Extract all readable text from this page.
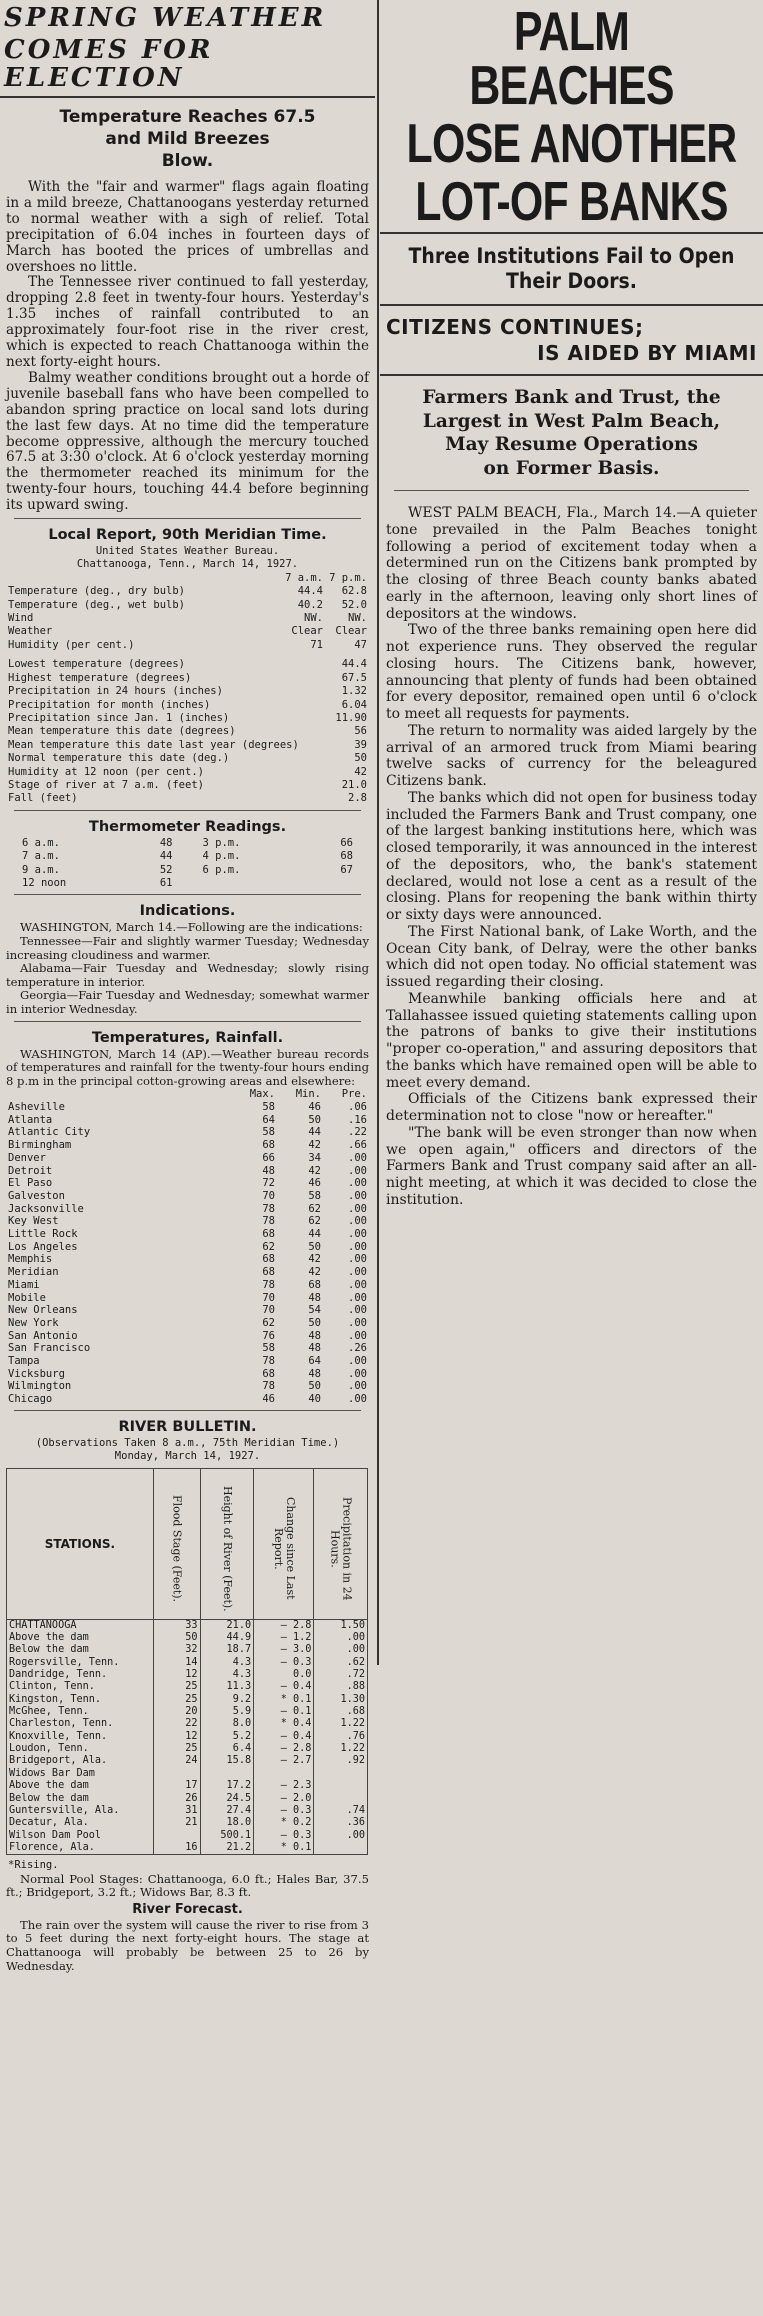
SPRING WEATHER
COMES FOR ELECTION
Temperature Reaches 67.5
and Mild Breezes
Blow.

With the "fair and warmer" flags again floating in a mild breeze, Chattanoogans yesterday returned to normal weather with a sigh of relief. Total precipitation of 6.04 inches in fourteen days of March has booted the prices of umbrellas and overshoes no little.

The Tennessee river continued to fall yesterday, dropping 2.8 feet in twenty-four hours. Yesterday's 1.35 inches of rainfall contributed to an approximately four-foot rise in the river crest, which is expected to reach Chattanooga within the next forty-eight hours.

Balmy weather conditions brought out a horde of juvenile baseball fans who have been compelled to abandon spring practice on local sand lots during the last few days. At no time did the temperature become oppressive, although the mercury touched 67.5 at 3:30 o'clock. At 6 o'clock yesterday morning the thermometer reached its minimum for the twenty-four hours, touching 44.4 before beginning its upward swing.

Local Report, 90th Meridian Time.
United States Weather Bureau.
Chattanooga, Tenn., March 14, 1927.
7 a.m. 7 p.m.
Temperature (deg., dry bulb)	44.4	62.8
Temperature (deg., wet bulb)	40.2	52.0
Wind	NW.	NW.
Weather	Clear	Clear
Humidity (per cent.)	71	47
Lowest temperature (degrees)	44.4
Highest temperature (degrees)	67.5
Precipitation in 24 hours (inches)	1.32
Precipitation for month (inches)	6.04
Precipitation since Jan. 1 (inches)	11.90
Mean temperature this date (degrees)	56
Mean temperature this date last year (degrees)	39
Normal temperature this date (deg.)	50
Humidity at 12 noon (per cent.)	42
Stage of river at 7 a.m. (feet)	21.0
Fall (feet)	2.8
Thermometer Readings.
6 a.m.	48	3 p.m.	66
7 a.m.	44	4 p.m.	68
9 a.m.	52	6 p.m.	67
12 noon	61
Indications.

WASHINGTON, March 14.—Following are the indications:

Tennessee—Fair and slightly warmer Tuesday; Wednesday increasing cloudiness and warmer.

Alabama—Fair Tuesday and Wednesday; slowly rising temperature in interior.

Georgia—Fair Tuesday and Wednesday; somewhat warmer in interior Wednesday.

Temperatures, Rainfall.

WASHINGTON, March 14 (AP).—Weather bureau records of temperatures and rainfall for the twenty-four hours ending 8 p.m in the principal cotton-growing areas and elsewhere:

	Max.	Min.	Pre.
Asheville	58	46	.06
Atlanta	64	50	.16
Atlantic City	58	44	.22
Birmingham	68	42	.66
Denver	66	34	.00
Detroit	48	42	.00
El Paso	72	46	.00
Galveston	70	58	.00
Jacksonville	78	62	.00
Key West	78	62	.00
Little Rock	68	44	.00
Los Angeles	62	50	.00
Memphis	68	42	.00
Meridian	68	42	.00
Miami	78	68	.00
Mobile	70	48	.00
New Orleans	70	54	.00
New York	62	50	.00
San Antonio	76	48	.00
San Francisco	58	48	.26
Tampa	78	64	.00
Vicksburg	68	48	.00
Wilmington	78	50	.00
Chicago	46	40	.00
RIVER BULLETIN.
(Observations Taken 8 a.m., 75th Meridian Time.)
Monday, March 14, 1927.
STATIONS.	Flood Stage (Feet).	Height of River (Feet).	Change since Last Report.	Precipitation in 24 Hours.

CHATTANOOGA	33	21.0	— 2.8	1.50
Above the dam	50	44.9	— 1.2	.00
Below the dam	32	18.7	— 3.0	.00
Rogersville, Tenn.	14	4.3	— 0.3	.62
Dandridge, Tenn.	12	4.3	0.0	.72
Clinton, Tenn.	25	11.3	— 0.4	.88
Kingston, Tenn.	25	9.2	* 0.1	1.30
McGhee, Tenn.	20	5.9	— 0.1	.68
Charleston, Tenn.	22	8.0	* 0.4	1.22
Knoxville, Tenn.	12	5.2	— 0.4	.76
Loudon, Tenn.	25	6.4	— 2.8	1.22
Bridgeport, Ala.	24	15.8	— 2.7	.92
Widows Bar Dam				
Above the dam	17	17.2	— 2.3	
Below the dam	26	24.5	— 2.0	
Guntersville, Ala.	31	27.4	— 0.3	.74
Decatur, Ala.	21	18.0	* 0.2	.36
Wilson Dam Pool		500.1	— 0.3	.00
Florence, Ala.	16	21.2	* 0.1	
*Rising.

Normal Pool Stages: Chattanooga, 6.0 ft.; Hales Bar, 37.5 ft.; Bridgeport, 3.2 ft.; Widows Bar, 8.3 ft.

River Forecast.

The rain over the system will cause the river to rise from 3 to 5 feet during the next forty-eight hours. The stage at Chattanooga will probably be between 25 to 26 by Wednesday.

PALM BEACHES
LOSE ANOTHER
LOT-OF BANKS
Three Institutions Fail to Open
Their Doors.
CITIZENS CONTINUES;
IS AIDED BY MIAMI
Farmers Bank and Trust, the
Largest in West Palm Beach,
May Resume Operations
on Former Basis.

WEST PALM BEACH, Fla., March 14.—A quieter tone prevailed in the Palm Beaches tonight following a period of excitement today when a determined run on the Citizens bank prompted by the closing of three Beach county banks abated early in the afternoon, leaving only short lines of depositors at the windows.

Two of the three banks remaining open here did not experience runs. They observed the regular closing hours. The Citizens bank, however, announcing that plenty of funds had been obtained for every depositor, remained open until 6 o'clock to meet all requests for payments.

The return to normality was aided largely by the arrival of an armored truck from Miami bearing twelve sacks of currency for the beleagured Citizens bank.

The banks which did not open for business today included the Farmers Bank and Trust company, one of the largest banking institutions here, which was closed temporarily, it was announced in the interest of the depositors, who, the bank's statement declared, would not lose a cent as a result of the closing. Plans for reopening the bank within thirty or sixty days were announced.

The First National bank, of Lake Worth, and the Ocean City bank, of Delray, were the other banks which did not open today. No official statement was issued regarding their closing.

Meanwhile banking officials here and at Tallahassee issued quieting statements calling upon the patrons of banks to give their institutions "proper co-operation," and assuring depositors that the banks which have remained open will be able to meet every demand.

Officials of the Citizens bank expressed their determination not to close "now or hereafter."

"The bank will be even stronger than now when we open again," officers and directors of the Farmers Bank and Trust company said after an all-night meeting, at which it was decided to close the institution.
